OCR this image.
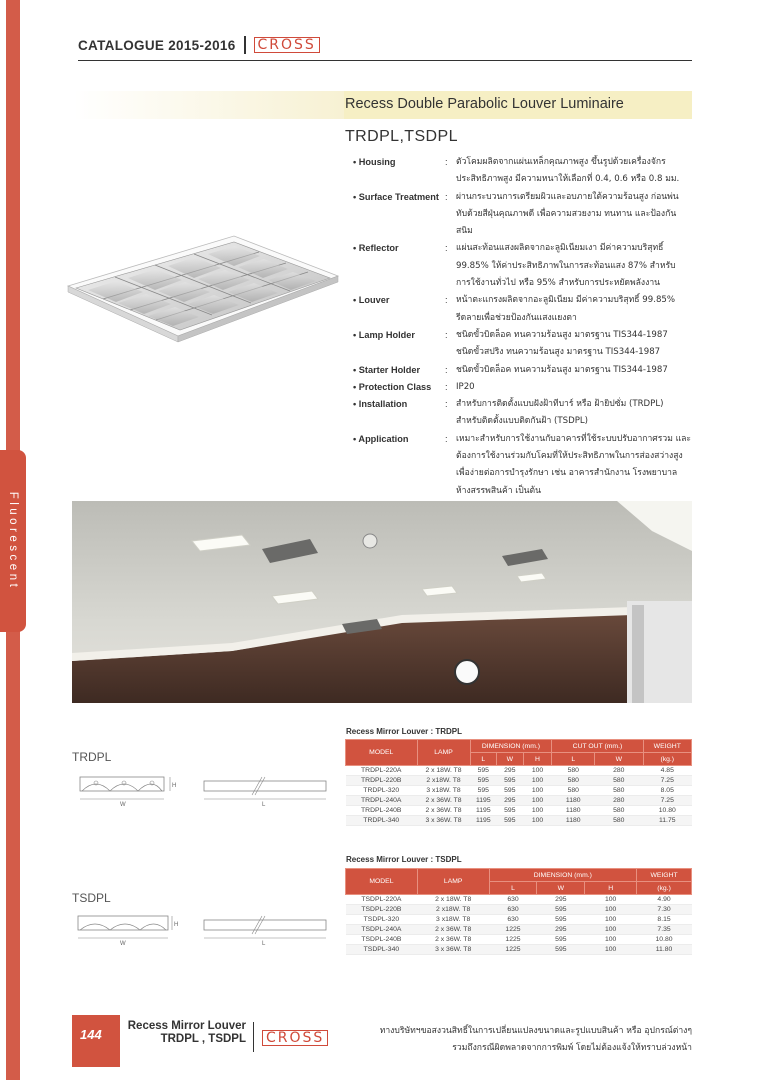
Fluorescent
CATALOGUE 2015-2016 CROSS
Recess Double Parabolic Louver Luminaire
TRDPL,TSDPL
• Housing	: ตัวโคมผลิตจากแผ่นเหล็กคุณภาพสูง ขึ้นรูปด้วยเครื่องจักร
ประสิทธิภาพสูง มีความหนาให้เลือกที่ 0.4, 0.6 หรือ 0.8 มม.
• Surface Treatment : ผ่านกระบวนการเตรียมผิวและอบภายใต้ความร้อนสูง ก่อนพ่น
ทับด้วยสีฝุ่นคุณภาพดี เพื่อความสวยงาม ทนทาน และป้องกัน
สนิม
• Reflector	: แผ่นสะท้อนแสงผลิตจากอะลูมิเนียมเงา มีค่าความบริสุทธิ์
99.85% ให้ค่าประสิทธิภาพในการสะท้อนแสง 87% สำหรับ
การใช้งานทั่วไป หรือ 95% สำหรับการประหยัดพลังงาน
• Louver	: หน้าตะแกรงผลิตจากอะลูมิเนียม มีค่าความบริสุทธิ์ 99.85%
รีดลายเพื่อช่วยป้องกันแสงแยงตา
• Lamp Holder	: ชนิดขั้วบิดล็อค ทนความร้อนสูง มาตรฐาน TIS344-1987
ชนิดขั้วสปริง ทนความร้อนสูง มาตรฐาน TIS344-1987
• Starter Holder	: ชนิดขั้วบิดล็อค ทนความร้อนสูง มาตรฐาน TIS344-1987
• Protection Class	: IP20
• Installation	: สำหรับการติดตั้งแบบฝังฝ้าทีบาร์ หรือ ฝ้ายิปซั่ม (TRDPL)
สำหรับติดตั้งแบบติดกันฝ้า (TSDPL)
• Application	: เหมาะสำหรับการใช้งานกับอาคารที่ใช้ระบบปรับอากาศรวม และ
ต้องการใช้งานร่วมกับโคมที่ให้ประสิทธิภาพในการส่องสว่างสูง
เพื่อง่ายต่อการบำรุงรักษา เช่น อาคารสำนักงาน โรงพยาบาล
ห้างสรรพสินค้า เป็นต้น
Recess Mirror Louver : TRDPL
TRDPL
W
H
L
MODEL	LAMP	DIMENSION (mm.)			CUT OUT (mm.)		WEIGHT
		L	W	H	L	W	(kg.)
TRDPL-220A	2 x 18W. T8	595	295	100	580	280	4.85
TRDPL-220B	2 x18W. T8	595	595	100	580	580	7.25
TRDPL-320	3 x18W. T8	595	595	100	580	580	8.05
TRDPL-240A	2 x 36W. T8	1195	295	100	1180	280	7.25
TRDPL-240B	2 x 36W. T8	1195	595	100	1180	580	10.80
TRDPL-340	3 x 36W. T8	1195	595	100	1180	580	11.75
Recess Mirror Louver : TSDPL
TSDPL
W
H
L
MODEL	LAMP	DIMENSION (mm.)			WEIGHT
		L	W	H	(kg.)
TSDPL-220A	2 x 18W. T8	630	295	100	4.90
TSDPL-220B	2 x18W. T8	630	595	100	7.30
TSDPL-320	3 x18W. T8	630	595	100	8.15
TSDPL-240A	2 x 36W. T8	1225	295	100	7.35
TSDPL-240B	2 x 36W. T8	1225	595	100	10.80
TSDPL-340	3 x 36W. T8	1225	595	100	11.80
144
Recess Mirror Louver
TRDPL , TSDPL CROSS	ทางบริษัทฯขอสงวนสิทธิ์ในการเปลี่ยนแปลงขนาดและรูปแบบสินค้า หรือ อุปกรณ์ต่างๆ
รวมถึงกรณีผิดพลาดจากการพิมพ์ โดยไม่ต้องแจ้งให้ทราบล่วงหน้า
